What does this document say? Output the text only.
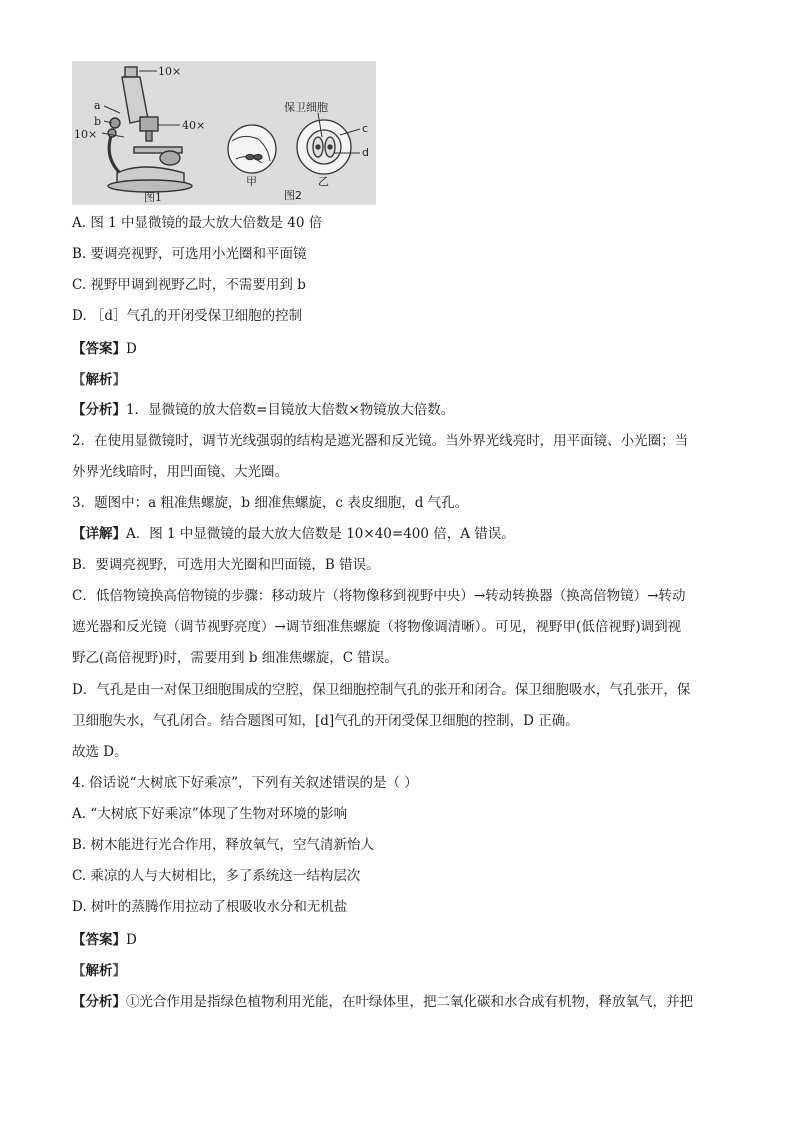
10×
a
b
10×
40×
图1
保卫细胞
c
d
甲	乙
图2
A. 图 1 中显微镜的最大放大倍数是 40 倍
B. 要调亮视野，可选用小光圈和平面镜
C. 视野甲调到视野乙时，不需要用到 b
D. ［d］气孔的开闭受保卫细胞的控制
【答案】D
【解析】
【分析】1．显微镜的放大倍数=目镜放大倍数×物镜放大倍数。
2．在使用显微镜时，调节光线强弱的结构是遮光器和反光镜。当外界光线亮时，用平面镜、小光圈；当
外界光线暗时，用凹面镜、大光圈。
3．题图中：a 粗准焦螺旋，b 细准焦螺旋，c 表皮细胞，d 气孔。
【详解】A．图 1 中显微镜的最大放大倍数是 10×40=400 倍，A 错误。
B．要调亮视野，可选用大光圈和凹面镜，B 错误。
C．低倍物镜换高倍物镜的步骤：移动玻片（将物像移到视野中央）→转动转换器（换高倍物镜）→转动
遮光器和反光镜（调节视野亮度）→调节细准焦螺旋（将物像调清晰）。可见，视野甲(低倍视野)调到视
野乙(高倍视野)时，需要用到 b 细准焦螺旋，C 错误。
D．气孔是由一对保卫细胞围成的空腔，保卫细胞控制气孔的张开和闭合。保卫细胞吸水，气孔张开，保
卫细胞失水，气孔闭合。结合题图可知，[d]气孔的开闭受保卫细胞的控制，D 正确。
故选 D。
4. 俗话说“大树底下好乘凉”，下列有关叙述错误的是（ ）
A. “大树底下好乘凉”体现了生物对环境的影响
B. 树木能进行光合作用，释放氧气，空气清新怡人
C. 乘凉的人与大树相比，多了系统这一结构层次
D. 树叶的蒸腾作用拉动了根吸收水分和无机盐
【答案】D
【解析】
【分析】①光合作用是指绿色植物利用光能，在叶绿体里，把二氧化碳和水合成有机物，释放氧气，并把
